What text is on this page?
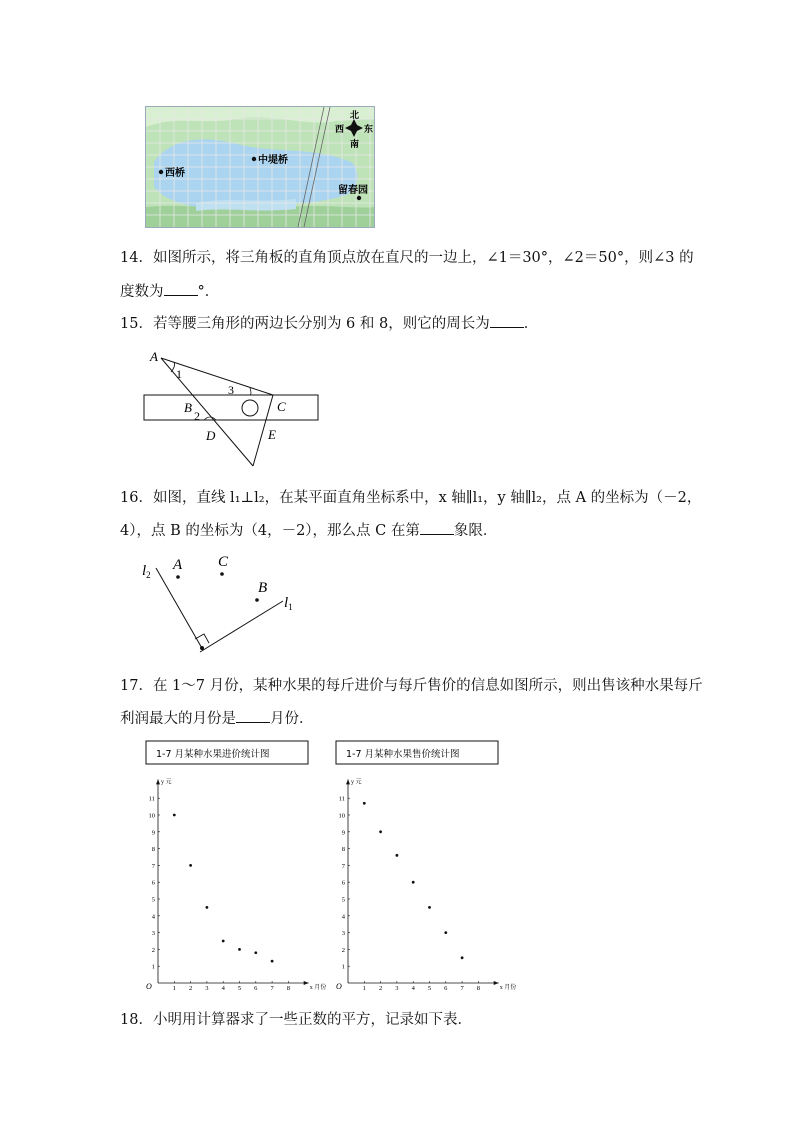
北
南
西 东
西桥
中堤桥
留春园
14．如图所示，将三角板的直角顶点放在直尺的一边上，∠1＝30°，∠2＝50°，则∠3 的
度数为 °．
15．若等腰三角形的两边长分别为 6 和 8，则它的周长为 ．
A
1
3
B
2
C
D	E
16．如图，直线 l₁⊥l₂，在某平面直角坐标系中，x 轴∥l₁，y 轴∥l₂，点 A 的坐标为（－2，
4），点 B 的坐标为（4，－2），那么点 C 在第 象限．
$l_2$
$l_1$
A C
B
17．在 1～7 月份，某种水果的每斤进价与每斤售价的信息如图所示，则出售该种水果每斤
利润最大的月份是 月份．
1-7 月某种水果进价统计图
O
y 元
x 月份
1
2
3
4
5
6
7
8
9
10
11
1 2 3 4 5 6 7 8
1-7 月某种水果售价统计图
O
y 元
x 月份
1
2
3
4
5
6
7
8
9
10
11
1 2 3 4 5 6 7 8
18．小明用计算器求了一些正数的平方，记录如下表．
